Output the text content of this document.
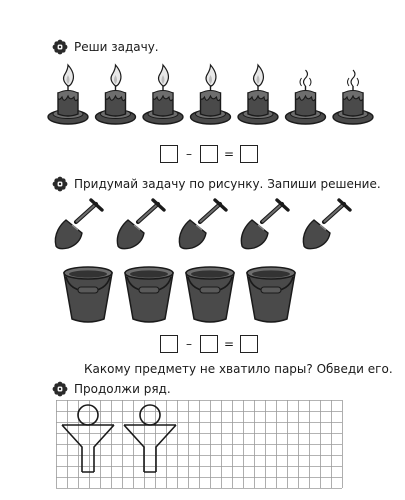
Реши задачу.
–	=
Придумай задачу по рисунку. Запиши решение.
–	=
Какому предмету не хватило пары? Обведи его.
Продолжи ряд.
